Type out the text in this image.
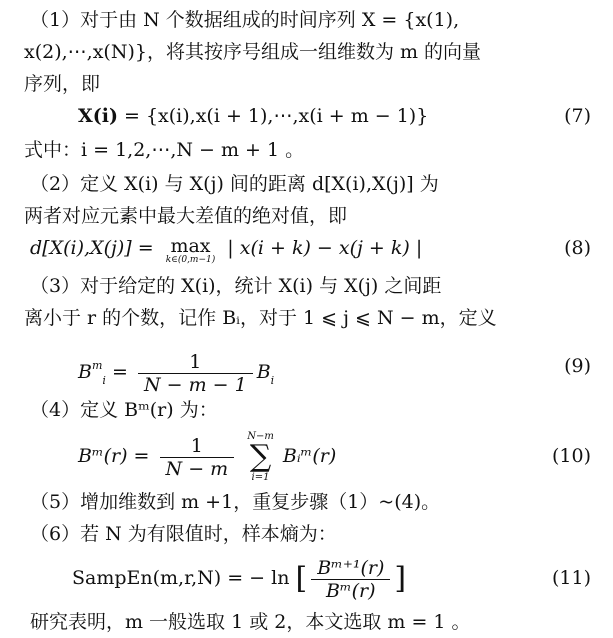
（1）对于由 N 个数据组成的时间序列 X = {x(1),
x(2),⋯,x(N)}，将其按序号组成一组维数为 m 的向量
序列，即
X(i) = {x(i),x(i + 1),⋯,x(i + m − 1)}	(7)
式中：i = 1,2,⋯,N − m + 1 。
（2）定义 X(i) 与 X(j) 间的距离 d[X(i),X(j)] 为
两者对应元素中最大差值的绝对值，即
d[X(i),X(j)] = max
k∈(0,m−1)
| x(i + k) − x(j + k) |	(8)
（3）对于给定的 X(i)，统计 X(i) 与 X(j) 之间距
离小于 r 的个数，记作 Bᵢ，对于 1 ⩽ j ⩽ N − m，定义
$B^m_i = \frac{1}{N - m - 1} B_i$
(9)
（4）定义 Bᵐ(r) 为：
Bᵐ(r) = $\frac{1}{N - m}$
N−m
∑
i=1
Bᵢᵐ(r)	(10)
（5）增加维数到 m +1，重复步骤（1）~(4)。
（6）若 N 为有限值时，样本熵为：
SampEn(m,r,N) = − ln [ $\frac{\text{Bᵐ⁺¹(r)}}{\text{Bᵐ(r)}}$ ]	(11)
研究表明，m 一般选取 1 或 2，本文选取 m = 1 。
